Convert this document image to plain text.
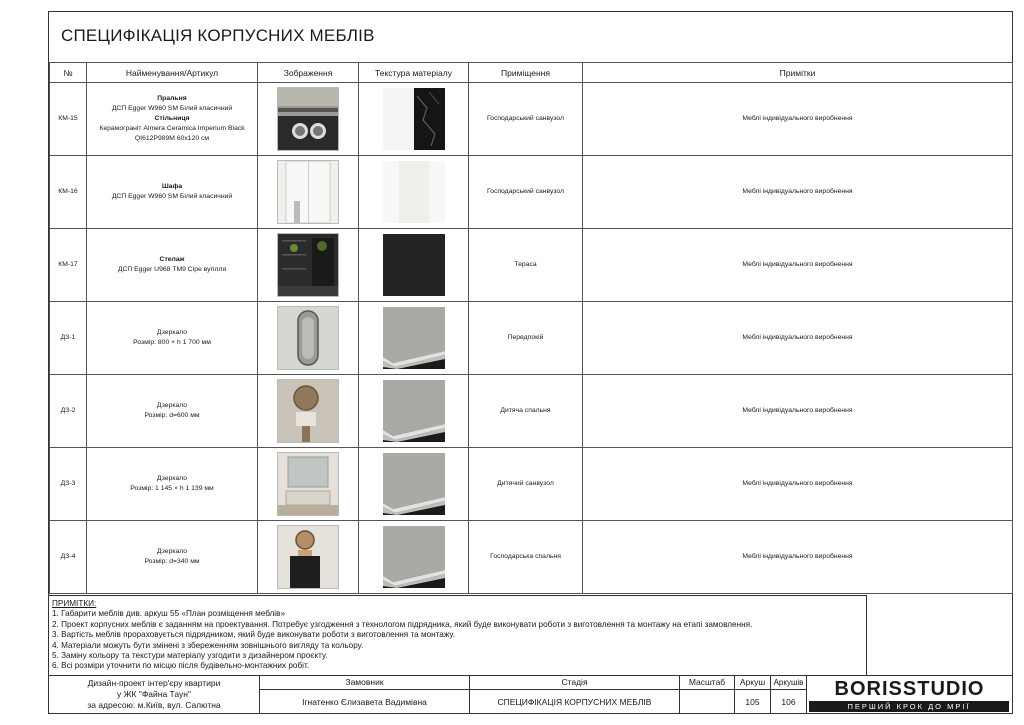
СПЕЦИФІКАЦІЯ КОРПУСНИХ МЕБЛІВ
№	Найменування/Артикул	Зображення	Текстура матеріалу	Приміщення	Примітки
КМ-15	Пральня
ДСП Egger W960 SM Білий класичний
Стільниця
Керамограніт Almera Ceramica Imperium Black
QI612P989M 60x120 см			Господарський санвузол	Меблі індивідуального виробнення
КМ-16	Шафа
ДСП Egger W960 SM Білий класичний			Господарський санвузол	Меблі індивідуального виробнення
КМ-17	Стелаж
ДСП Egger U968 ТМ9 Сіре вугілля			Тераса	Меблі індивідуального виробнення
ДЗ-1	Дзеркало
Розмір: 800 × h 1 700 мм			Передпокій	Меблі індивідуального виробнення
ДЗ-2	Дзеркало
Розмір: d=600 мм			Дитяча спальня	Меблі індивідуального виробнення
ДЗ-3	Дзеркало
Розмір: 1 145 × h 1 139 мм			Дитячий санвузол	Меблі індивідуального виробнення
ДЗ-4	Дзеркало
Розмір: d=340 мм			Господарська спальня	Меблі індивідуального виробнення
ПРИМІТКИ:
1. Габарити меблів див. аркуш 55 «План розміщення меблів»
2. Проект корпусних меблів є заданням на проектування. Потребує узгодження з технологом підрядника, який буде виконувати роботи з виготовлення та монтажу на етапі замовлення.
3. Вартість меблів прораховується підрядником, який буде виконувати роботи з виготовлення та монтажу.
4. Матеріали можуть бути змінені з збереженням зовнішнього вигляду та кольору.
5. Заміну кольору та текстури матеріалу узгодити з дизайнером проєкту.
6. Всі розміри уточнити по місцю після будівельно-монтажних робіт.
Дизайн-проект інтер'єру квартири
у ЖК "Файна Таун"
за адресою: м.Київ, вул. Салютна
Замовник
Ігнатенко Єлизавета Вадимівна
Стадія
СПЕЦИФІКАЦІЯ КОРПУСНИХ МЕБЛІВ
Масштаб	Аркуш
105
Аркушів
106
BORISSTUDIO
ПЕРШИЙ КРОК ДО МРІЇ
